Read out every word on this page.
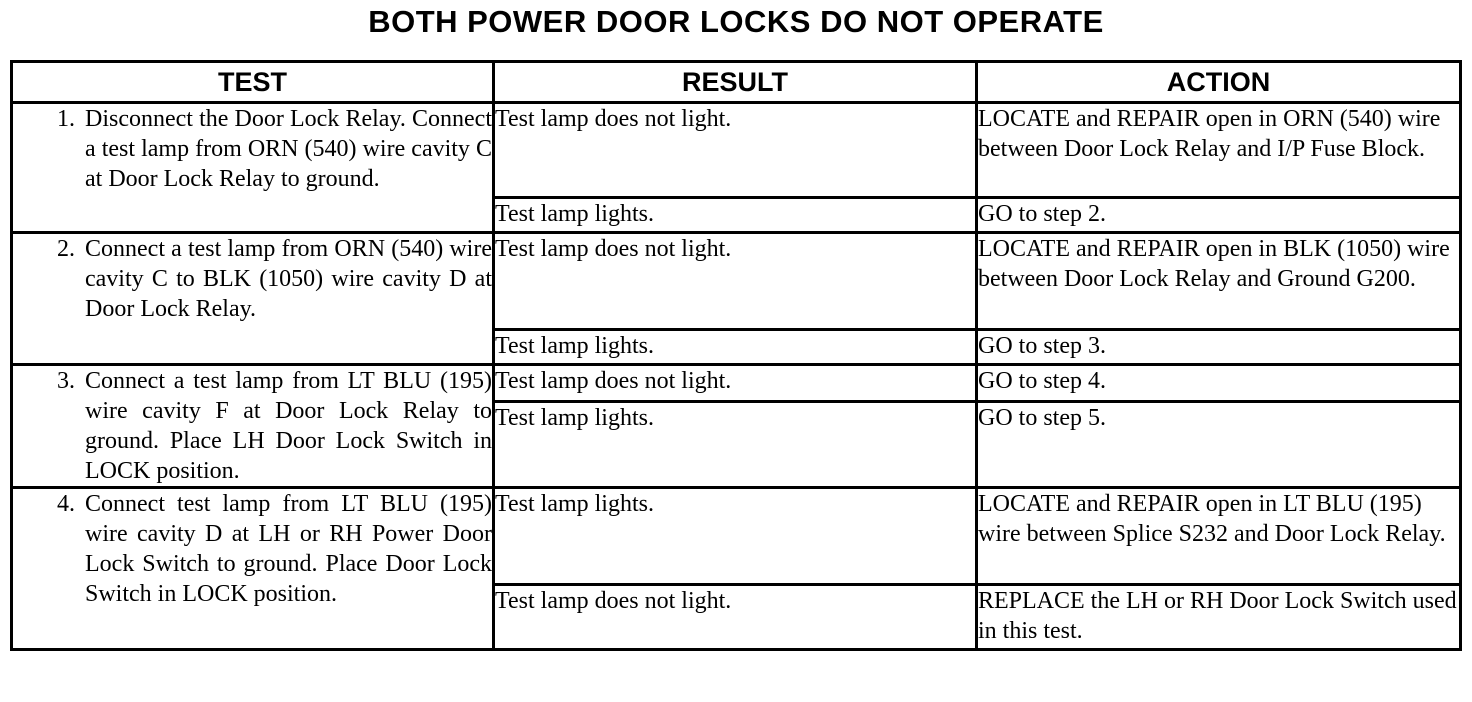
BOTH POWER DOOR LOCKS DO NOT OPERATE
TEST	RESULT	ACTION

1. Disconnect the Door Lock Relay. Connect a test lamp from ORN (540) wire cavity C at Door Lock Relay to ground.	Test lamp does not light.	LOCATE and REPAIR open in ORN (540) wire between Door Lock Relay and I/P Fuse Block.
	Test lamp lights.	GO to step 2.

2. Connect a test lamp from ORN (540) wire cavity C to BLK (1050) wire cavity D at Door Lock Relay.	Test lamp does not light.	LOCATE and REPAIR open in BLK (1050) wire between Door Lock Relay and Ground G200.
	Test lamp lights.	GO to step 3.

3. Connect a test lamp from LT BLU (195) wire cavity F at Door Lock Relay to ground. Place LH Door Lock Switch in LOCK position.	Test lamp does not light.	GO to step 4.
	Test lamp lights.	GO to step 5.

4. Connect test lamp from LT BLU (195) wire cavity D at LH or RH Power Door Lock Switch to ground. Place Door Lock Switch in LOCK position.	Test lamp lights.	LOCATE and REPAIR open in LT BLU (195) wire between Splice S232 and Door Lock Relay.
	Test lamp does not light.	REPLACE the LH or RH Door Lock Switch used in this test.
